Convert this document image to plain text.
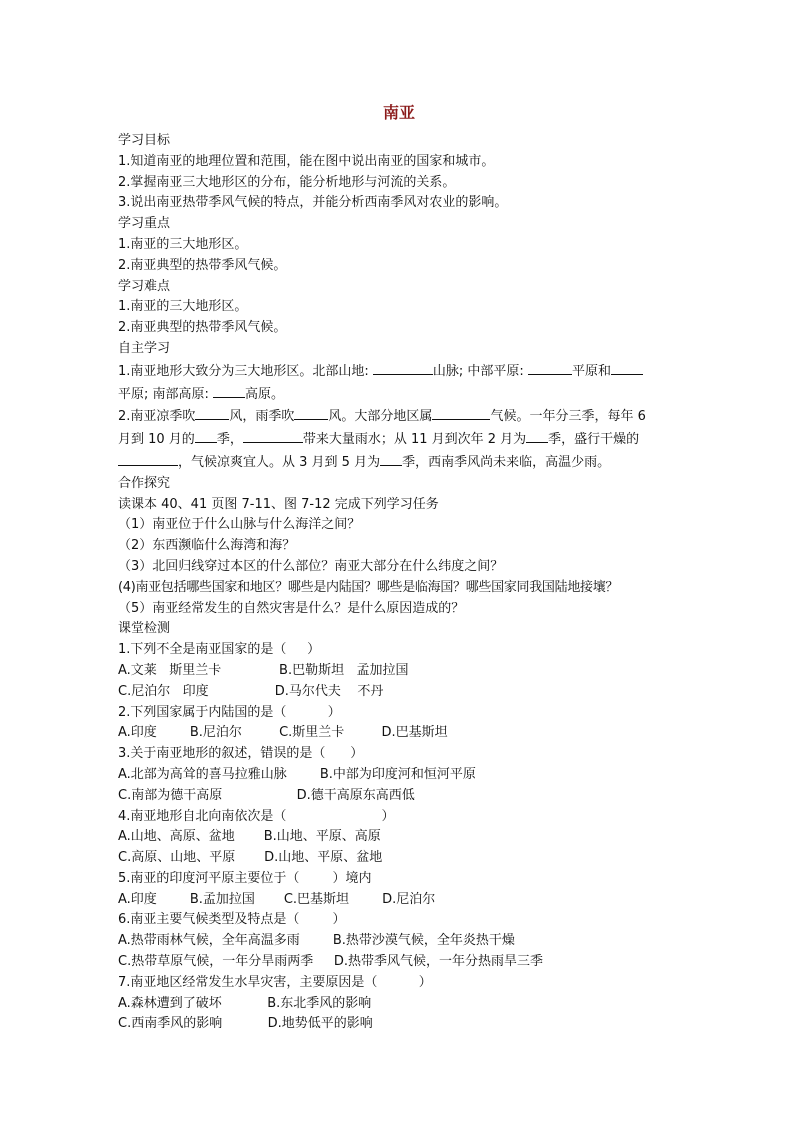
南亚
学习目标
1.知道南亚的地理位置和范围，能在图中说出南亚的国家和城市。
2.掌握南亚三大地形区的分布，能分析地形与河流的关系。
3.说出南亚热带季风气候的特点，并能分析西南季风对农业的影响。
学习重点
1.南亚的三大地形区。
2.南亚典型的热带季风气候。
学习难点
1.南亚的三大地形区。
2.南亚典型的热带季风气候。
自主学习
1.南亚地形大致分为三大地形区。北部山地:	山脉; 中部平原:	平原和
平原; 南部高原: 高原。
2.南亚凉季吹	风，雨季吹	风。大部分地区属	气候。一年分三季，每年 6
月到 10 月的 季，	带来大量雨水；从 11 月到次年 2 月为 季，盛行干燥的
，气候凉爽宜人。从 3 月到 5 月为 季，西南季风尚未来临，高温少雨。
合作探究
读课本 40、41 页图 7-11、图 7-12 完成下列学习任务
（1）南亚位于什么山脉与什么海洋之间？
（2）东西濒临什么海湾和海？
（3）北回归线穿过本区的什么部位？南亚大部分在什么纬度之间？
(4)南亚包括哪些国家和地区？哪些是内陆国？哪些是临海国？哪些国家同我国陆地接壤？
（5）南亚经常发生的自然灾害是什么？是什么原因造成的？
课堂检测
1.下列不全是南亚国家的是（     ）
A.文莱   斯里兰卡              B.巴勒斯坦   孟加拉国
C.尼泊尔   印度                D.马尔代夫    不丹
2.下列国家属于内陆国的是（          ）
A.印度        B.尼泊尔         C.斯里兰卡         D.巴基斯坦
3.关于南亚地形的叙述，错误的是（      ）
A.北部为高耸的喜马拉雅山脉        B.中部为印度河和恒河平原
C.南部为德干高原                  D.德干高原东高西低
4.南亚地形自北向南依次是（                       ）
A.山地、高原、盆地       B.山地、平原、高原
C.高原、山地、平原       D.山地、平原、盆地
5.南亚的印度河平原主要位于（        ）境内
A.印度        B.孟加拉国       C.巴基斯坦        D.尼泊尔
6.南亚主要气候类型及特点是（        ）
A.热带雨林气候，全年高温多雨        B.热带沙漠气候，全年炎热干燥
C.热带草原气候，一年分旱雨两季     D.热带季风气候，一年分热雨旱三季
7.南亚地区经常发生水旱灾害，主要原因是（          ）
A.森林遭到了破坏           B.东北季风的影响
C.西南季风的影响           D.地势低平的影响
